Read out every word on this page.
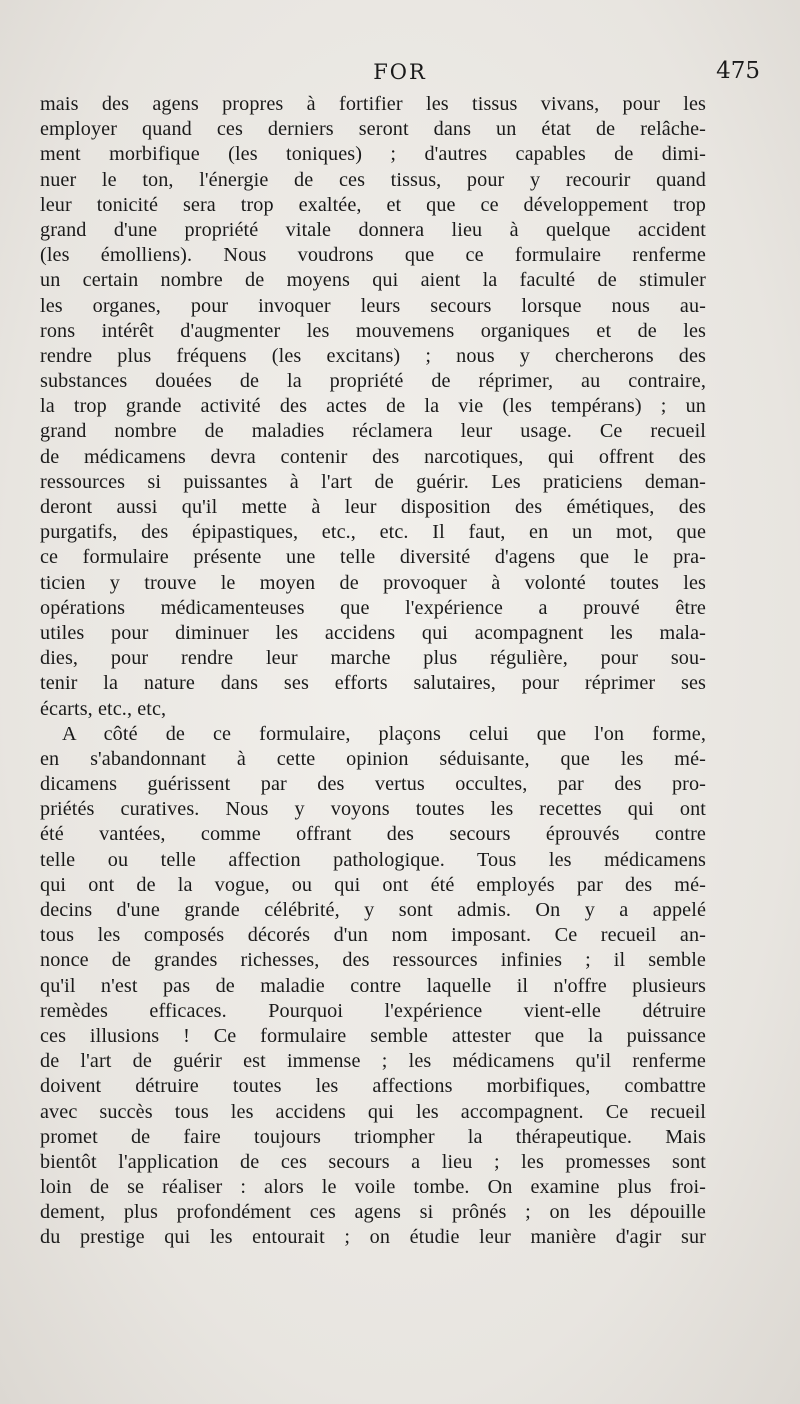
FOR	475
mais des agens propres à fortifier les tissus vivans, pour les
employer quand ces derniers seront dans un état de relâche-
ment morbifique (les toniques) ; d'autres capables de dimi-
nuer le ton, l'énergie de ces tissus, pour y recourir quand
leur tonicité sera trop exaltée, et que ce développement trop
grand d'une propriété vitale donnera lieu à quelque accident
(les émolliens). Nous voudrons que ce formulaire renferme
un certain nombre de moyens qui aient la faculté de stimuler
les organes, pour invoquer leurs secours lorsque nous au-
rons intérêt d'augmenter les mouvemens organiques et de les
rendre plus fréquens (les excitans) ; nous y chercherons des
substances douées de la propriété de réprimer, au contraire,
la trop grande activité des actes de la vie (les tempérans) ; un
grand nombre de maladies réclamera leur usage. Ce recueil
de médicamens devra contenir des narcotiques, qui offrent des
ressources si puissantes à l'art de guérir. Les praticiens deman-
deront aussi qu'il mette à leur disposition des émétiques, des
purgatifs, des épipastiques, etc., etc. Il faut, en un mot, que
ce formulaire présente une telle diversité d'agens que le pra-
ticien y trouve le moyen de provoquer à volonté toutes les
opérations médicamenteuses que l'expérience a prouvé être
utiles pour diminuer les accidens qui acompagnent les mala-
dies, pour rendre leur marche plus régulière, pour sou-
tenir la nature dans ses efforts salutaires, pour réprimer ses
écarts, etc., etc,
A côté de ce formulaire, plaçons celui que l'on forme,
en s'abandonnant à cette opinion séduisante, que les mé-
dicamens guérissent par des vertus occultes, par des pro-
priétés curatives. Nous y voyons toutes les recettes qui ont
été vantées, comme offrant des secours éprouvés contre
telle ou telle affection pathologique. Tous les médicamens
qui ont de la vogue, ou qui ont été employés par des mé-
decins d'une grande célébrité, y sont admis. On y a appelé
tous les composés décorés d'un nom imposant. Ce recueil an-
nonce de grandes richesses, des ressources infinies ; il semble
qu'il n'est pas de maladie contre laquelle il n'offre plusieurs
remèdes efficaces. Pourquoi l'expérience vient-elle détruire
ces illusions ! Ce formulaire semble attester que la puissance
de l'art de guérir est immense ; les médicamens qu'il renferme
doivent détruire toutes les affections morbifiques, combattre
avec succès tous les accidens qui les accompagnent. Ce recueil
promet de faire toujours triompher la thérapeutique. Mais
bientôt l'application de ces secours a lieu ; les promesses sont
loin de se réaliser : alors le voile tombe. On examine plus froi-
dement, plus profondément ces agens si prônés ; on les dépouille
du prestige qui les entourait ; on étudie leur manière d'agir sur
